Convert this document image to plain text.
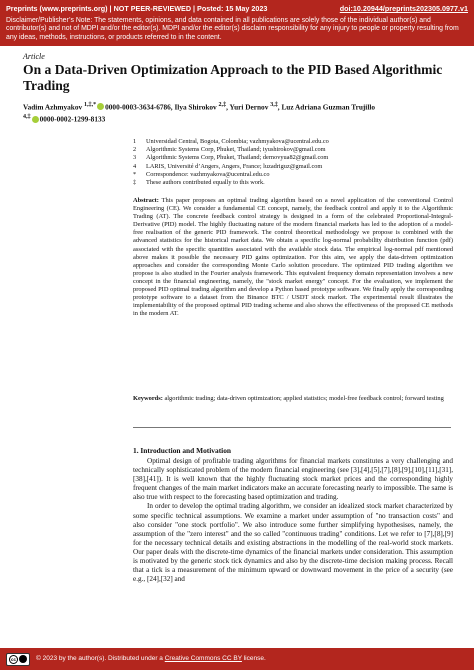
Preprints (www.preprints.org) | NOT PEER-REVIEWED | Posted: 15 May 2023	doi:10.20944/preprints202305.0977.v1
Disclaimer/Publisher’s Note: The statements, opinions, and data contained in all publications are solely those of the individual author(s) and contributor(s) and not of MDPI and/or the editor(s). MDPI and/or the editor(s) disclaim responsibility for any injury to people or property resulting from any ideas, methods, instructions, or products referred to in the content.
Article
On a Data-Driven Optimization Approach to the PID Based Algorithmic Trading
Vadim Azhmyakov $^{1,\ddagger,*}$ 0000-0003-3634-6786, Ilya Shirokov $^{2,\ddagger}$, Yuri Dernov $^{3,\ddagger}$, Luz Adriana Guzman Trujillo
$^{4,\ddagger}$ 0000-0002-1299-8133
1 Universidad Central, Bogota, Colombia; vazhmyakova@ucentral.edu.co
2 Algorithmic Systems Corp, Phuket, Thailand; iyushirokov@gmail.com
3 Algorithmic Systems Corp, Phuket, Thailand; dernovyua82@gmail.com
4 LARIS, Université d’Angers, Angers, France; luzadriguz@gmail.com
* Correspondence: vazhmyakova@ucentral.edu.co
‡ These authors contributed equally to this work.
Abstract: This paper proposes an optimal trading algorithm based on a novel application of the conventional Control Engineering (CE). We consider a fundamental CE concept, namely, the feedback control and apply it to the Algorithmic Trading (AT). The concrete feedback control strategy is designed in a form of the celebrated Proportional-Integral-Derivative (PID) model. The highly fluctuating nature of the modern financial markets has led to the adoption of a model-free realisation of the generic PID framework. The control theoretical methodology we propose is combined with the advanced statistics for the historical market data. We obtain a specific log-normal probability distribution function (pdf) associated with the specific quantities associated with the available stock data. The empirical log-normal pdf mentioned above makes it possible the necessary PID gains optimization. For this aim, we apply the data-driven optimization approaches and consider the corresponding Monte Carlo solution procedure. The optimized PID trading algorithm we propose is also studied in the Fourier analysis framework. This equivalent frequency domain representation involves a new concept in the financial engineering, namely, the "stock market energy" concept. For the evaluation, we implement the proposed PID optimal trading algorithm and develop a Python based prototype software. We finally apply the corresponding prototype software to a dataset from the Binance BTC / USDT stock market. The experimental result illustrates the implementability of the proposed optimal PID trading scheme and also shows the effectiveness of the proposed CE methods in the modern AT.
Keywords: algorithmic trading; data-driven optimization; applied statistics; model-free feedback control; forward testing
1. Introduction and Motivation

Optimal design of profitable trading algorithms for financial markets constitutes a very challenging and technically sophisticated problem of the modern financial engineering (see [3],[4],[5],[7],[8],[9],[10],[11],[31],[38],[41]). It is well known that the highly fluctuating stock market prices and the corresponding highly frequent changes of the main market indicators make an accurate forecasting nearly to impossible. The same is also true with respect to the forecasting based optimization and trading.

In order to develop the optimal trading algorithm, we consider an idealized stock market characterized by some specific technical assumptions. We examine a market under assumption of "no transaction costs" and also consider "one stock portfolio". We also introduce some further simplifying hypothesises, namely, the assumption of the "zero interest" and the so called "continuous trading" conditions. Let we refer to [7],[8],[9] for the necessary technical details and existing abstractions in the modelling of the real-world stock markets. Our paper deals with the discrete-time dynamics of the financial markets under consideration. This assumption is motivated by the generic stock tick dynamics and also by the discrete-time decision making process. Recall that a tick is a measurement of the minimum upward or downward movement in the price of a security (see e.g., [24],[32] and

cc	© 2023 by the author(s). Distributed under a Creative Commons CC BY license.
